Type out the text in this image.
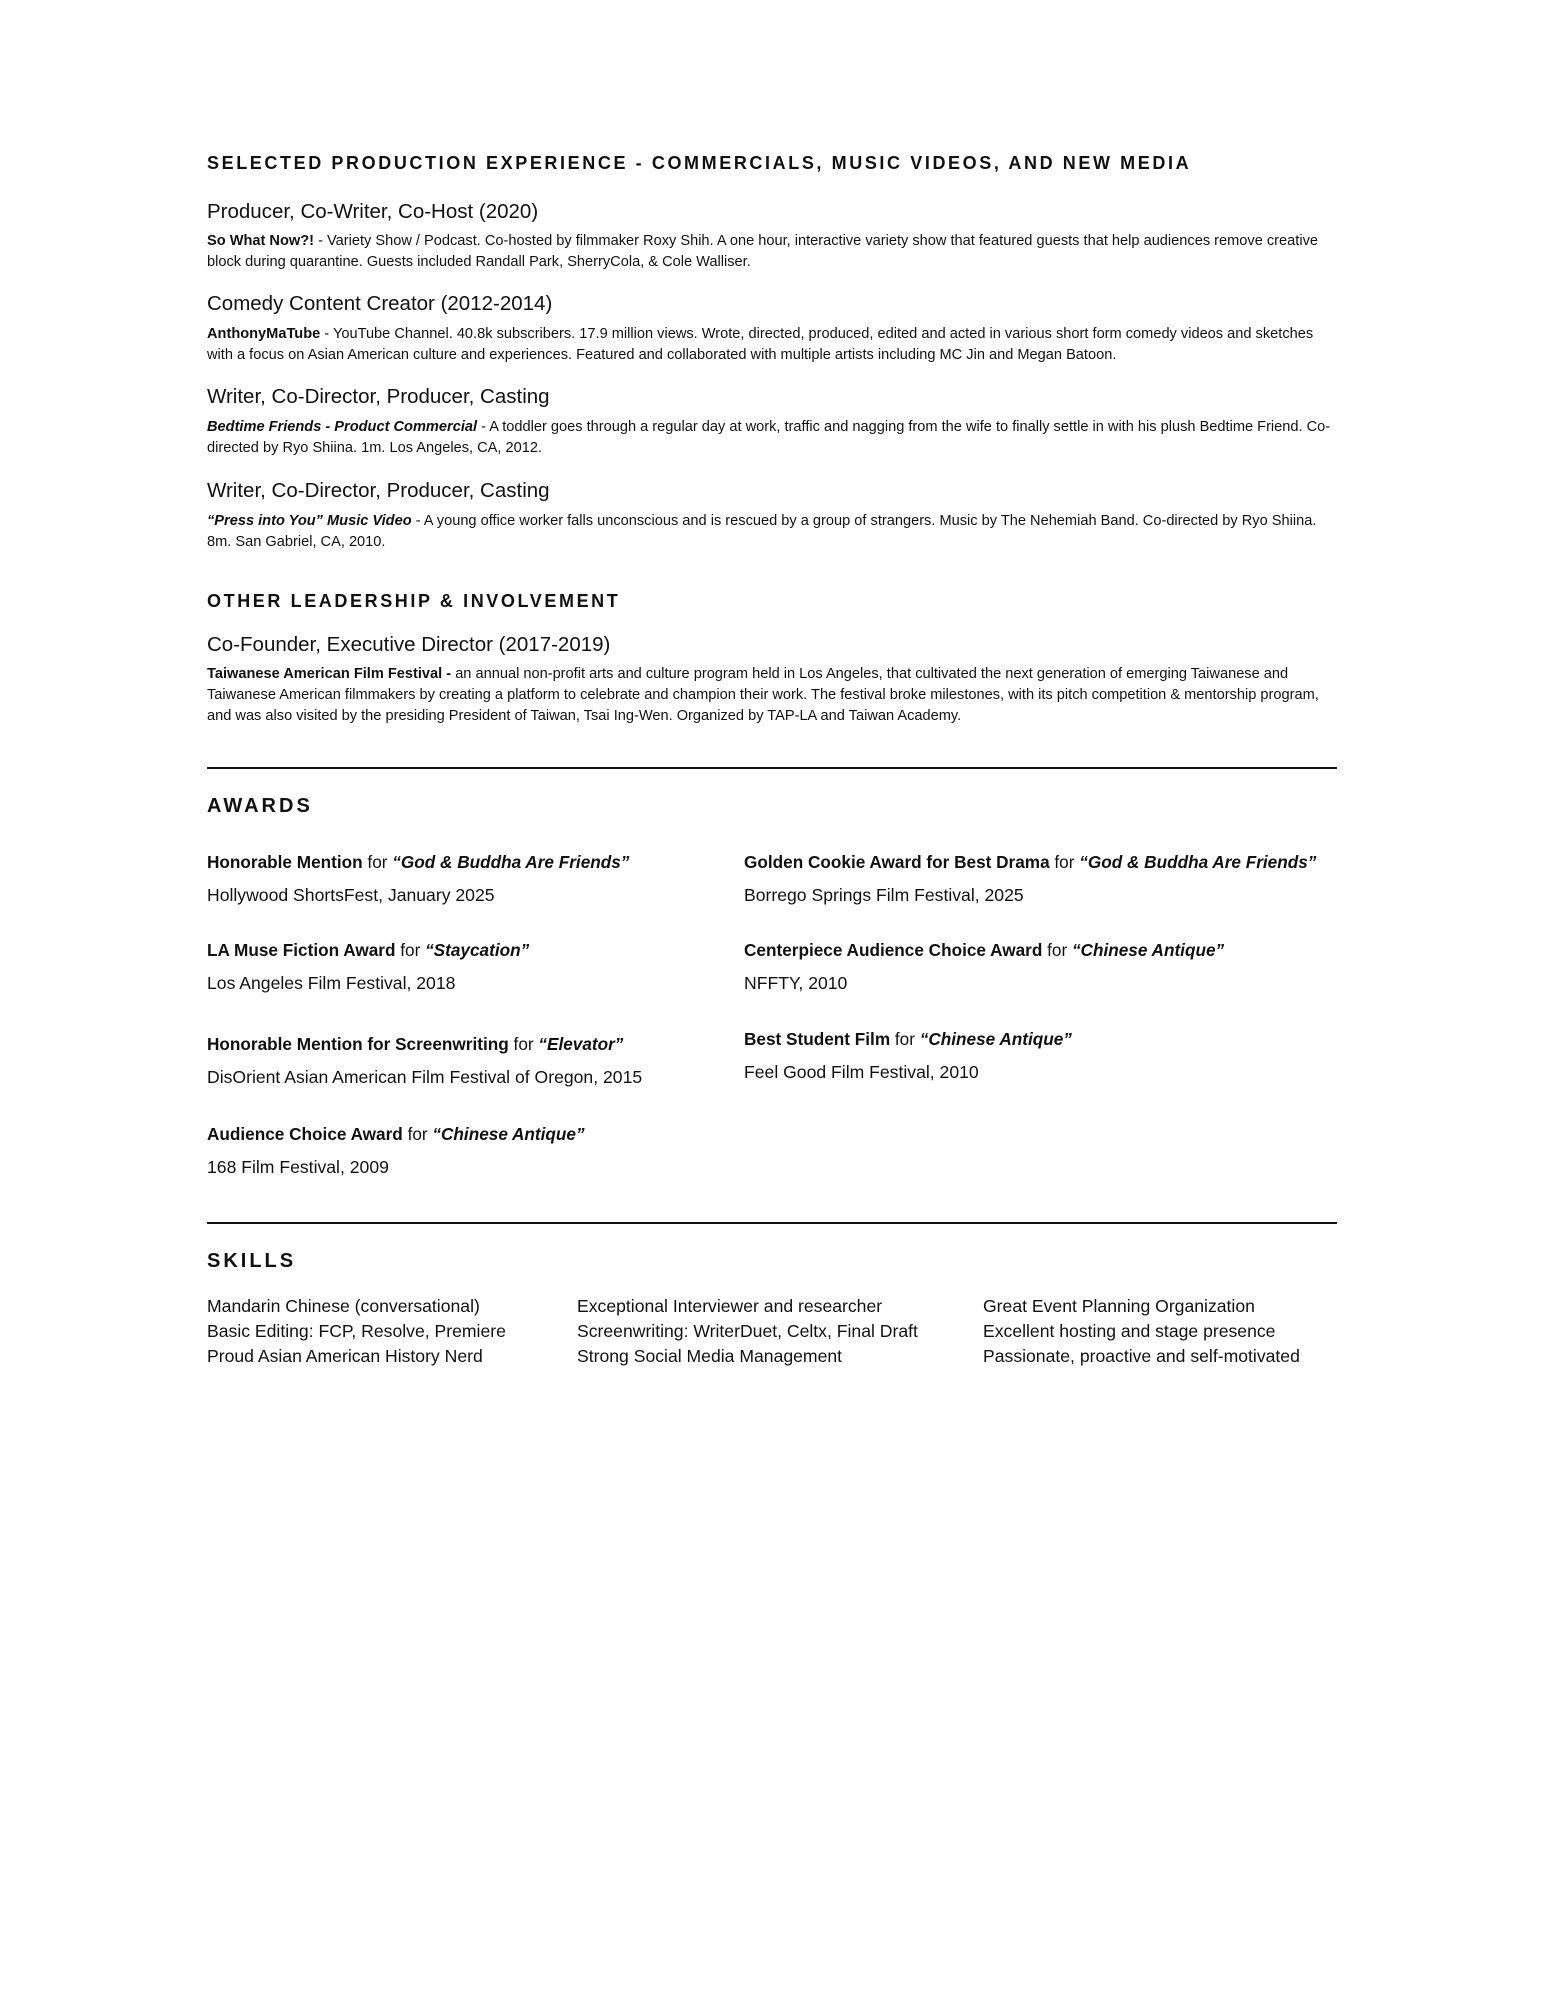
SELECTED PRODUCTION EXPERIENCE - COMMERCIALS, MUSIC VIDEOS, AND NEW MEDIA
Producer, Co-Writer, Co-Host (2020)
So What Now?! - Variety Show / Podcast. Co-hosted by filmmaker Roxy Shih. A one hour, interactive variety show that featured guests that help audiences remove creative block during quarantine. Guests included Randall Park, SherryCola, & Cole Walliser.
Comedy Content Creator (2012-2014)
AnthonyMaTube - YouTube Channel. 40.8k subscribers. 17.9 million views. Wrote, directed, produced, edited and acted in various short form comedy videos and sketches with a focus on Asian American culture and experiences. Featured and collaborated with multiple artists including MC Jin and Megan Batoon.
Writer, Co-Director, Producer, Casting
Bedtime Friends - Product Commercial - A toddler goes through a regular day at work, traffic and nagging from the wife to finally settle in with his plush Bedtime Friend. Co-directed by Ryo Shiina. 1m. Los Angeles, CA, 2012.
Writer, Co-Director, Producer, Casting
“Press into You” Music Video - A young office worker falls unconscious and is rescued by a group of strangers. Music by The Nehemiah Band. Co-directed by Ryo Shiina. 8m. San Gabriel, CA, 2010.
OTHER LEADERSHIP & INVOLVEMENT
Co-Founder, Executive Director (2017-2019)
Taiwanese American Film Festival - an annual non-profit arts and culture program held in Los Angeles, that cultivated the next generation of emerging Taiwanese and Taiwanese American filmmakers by creating a platform to celebrate and champion their work. The festival broke milestones, with its pitch competition & mentorship program, and was also visited by the presiding President of Taiwan, Tsai Ing-Wen. Organized by TAP-LA and Taiwan Academy.
AWARDS
Honorable Mention for “God & Buddha Are Friends”
Hollywood ShortsFest, January 2025
Golden Cookie Award for Best Drama for “God & Buddha Are Friends”
Borrego Springs Film Festival, 2025
LA Muse Fiction Award for “Staycation”
Los Angeles Film Festival, 2018
Centerpiece Audience Choice Award for “Chinese Antique”
NFFTY, 2010
Honorable Mention for Screenwriting for “Elevator”
DisOrient Asian American Film Festival of Oregon, 2015
Best Student Film for “Chinese Antique”
Feel Good Film Festival, 2010
Audience Choice Award for “Chinese Antique”
168 Film Festival, 2009
SKILLS
Mandarin Chinese (conversational)
Basic Editing: FCP, Resolve, Premiere
Proud Asian American History Nerd
Exceptional Interviewer and researcher
Screenwriting: WriterDuet, Celtx, Final Draft
Strong Social Media Management
Great Event Planning Organization
Excellent hosting and stage presence
Passionate, proactive and self-motivated
